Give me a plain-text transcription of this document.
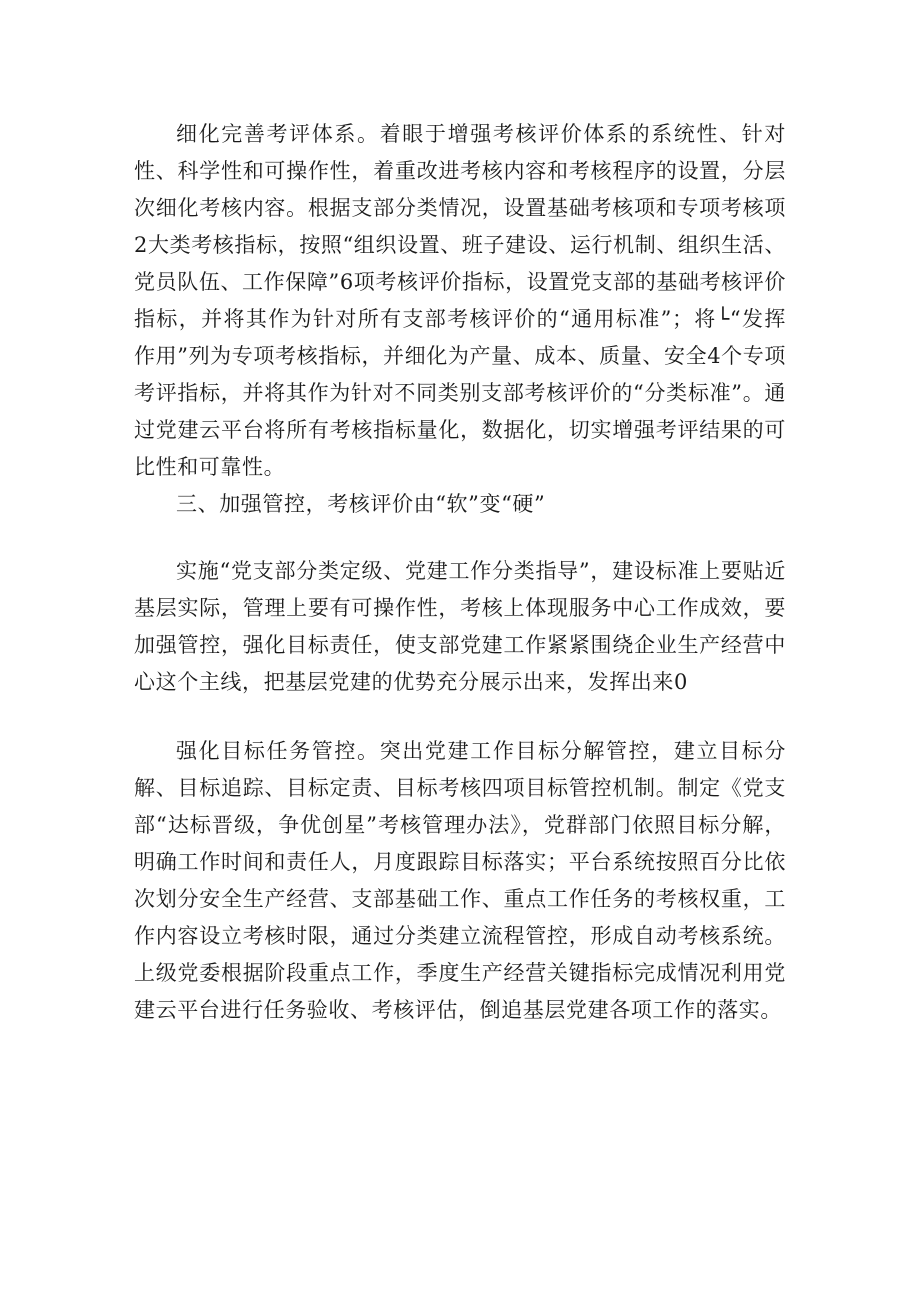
细化完善考评体系。着眼于增强考核评价体系的系统性、针对性、科学性和可操作性，着重改进考核内容和考核程序的设置，分层次细化考核内容。根据支部分类情况，设置基础考核项和专项考核项2大类考核指标，按照“组织设置、班子建设、运行机制、组织生活、党员队伍、工作保障”6项考核评价指标，设置党支部的基础考核评价指标，并将其作为针对所有支部考核评价的“通用标准”；将└“发挥作用”列为专项考核指标，并细化为产量、成本、质量、安全4个专项考评指标，并将其作为针对不同类别支部考核评价的“分类标准”。通过党建云平台将所有考核指标量化，数据化，切实增强考评结果的可比性和可靠性。

三、加强管控，考核评价由“软”变“硬”

实施“党支部分类定级、党建工作分类指导”，建设标准上要贴近基层实际，管理上要有可操作性，考核上体现服务中心工作成效，要加强管控，强化目标责任，使支部党建工作紧紧围绕企业生产经营中心这个主线，把基层党建的优势充分展示出来，发挥出来0

强化目标任务管控。突出党建工作目标分解管控，建立目标分解、目标追踪、目标定责、目标考核四项目标管控机制。制定《党支部“达标晋级，争优创星”考核管理办法》，党群部门依照目标分解，明确工作时间和责任人，月度跟踪目标落实；平台系统按照百分比依次划分安全生产经营、支部基础工作、重点工作任务的考核权重，工作内容设立考核时限，通过分类建立流程管控，形成自动考核系统。上级党委根据阶段重点工作，季度生产经营关键指标完成情况利用党建云平台进行任务验收、考核评估，倒追基层党建各项工作的落实。
